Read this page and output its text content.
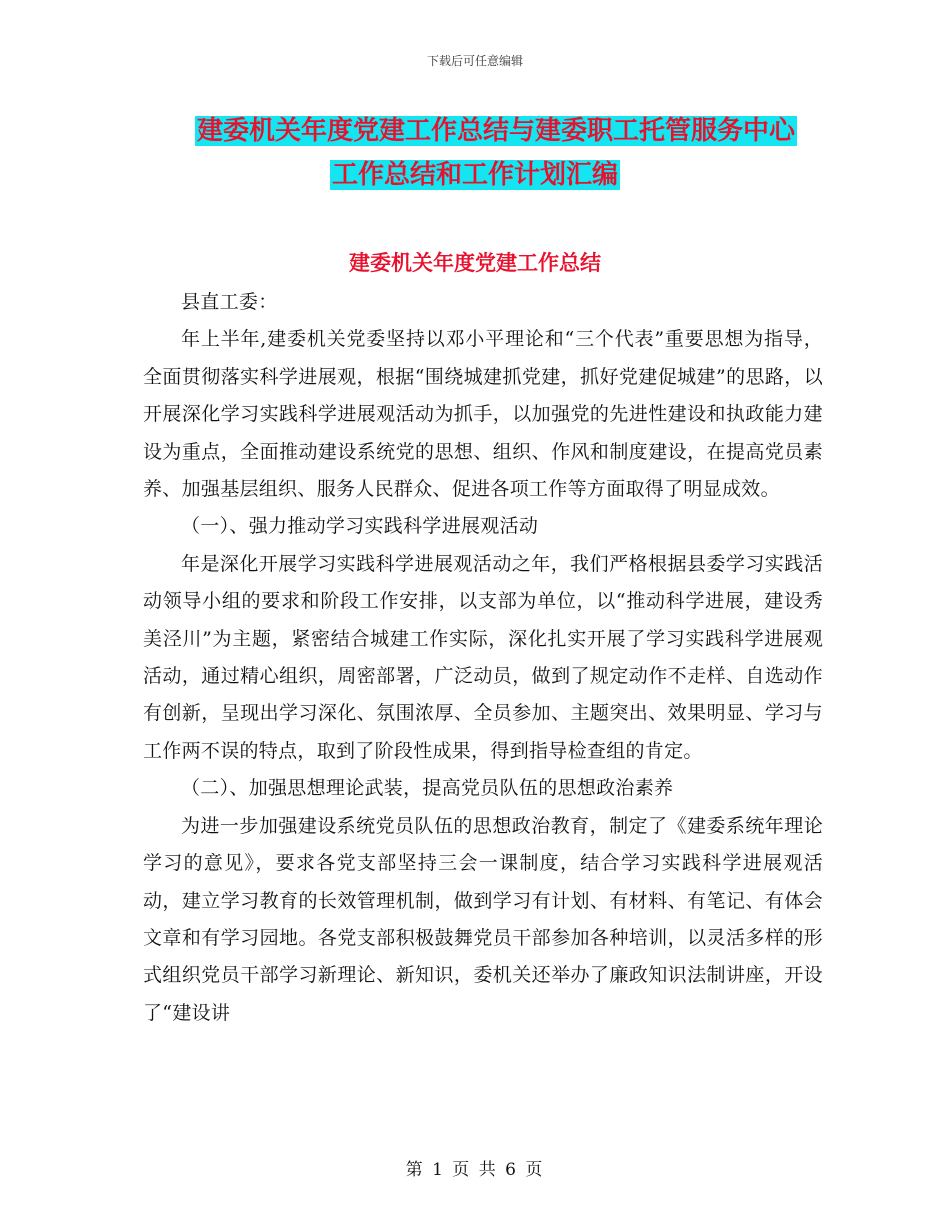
下载后可任意编辑
建委机关年度党建工作总结与建委职工托管服务中心
工作总结和工作计划汇编
建委机关年度党建工作总结

县直工委：

年上半年,建委机关党委坚持以邓小平理论和“三个代表”重要思想为指导，全面贯彻落实科学进展观，根据“围绕城建抓党建，抓好党建促城建”的思路，以开展深化学习实践科学进展观活动为抓手，以加强党的先进性建设和执政能力建设为重点，全面推动建设系统党的思想、组织、作风和制度建设，在提高党员素养、加强基层组织、服务人民群众、促进各项工作等方面取得了明显成效。

（一）、强力推动学习实践科学进展观活动

年是深化开展学习实践科学进展观活动之年，我们严格根据县委学习实践活动领导小组的要求和阶段工作安排，以支部为单位，以“推动科学进展，建设秀美泾川”为主题，紧密结合城建工作实际，深化扎实开展了学习实践科学进展观活动，通过精心组织，周密部署，广泛动员，做到了规定动作不走样、自选动作有创新，呈现出学习深化、氛围浓厚、全员参加、主题突出、效果明显、学习与工作两不误的特点，取到了阶段性成果，得到指导检查组的肯定。

（二）、加强思想理论武装，提高党员队伍的思想政治素养

为进一步加强建设系统党员队伍的思想政治教育，制定了《建委系统年理论学习的意见》，要求各党支部坚持三会一课制度，结合学习实践科学进展观活动，建立学习教育的长效管理机制，做到学习有计划、有材料、有笔记、有体会文章和有学习园地。各党支部积极鼓舞党员干部参加各种培训，以灵活多样的形式组织党员干部学习新理论、新知识，委机关还举办了廉政知识法制讲座，开设了“建设讲

第 1 页 共 6 页
